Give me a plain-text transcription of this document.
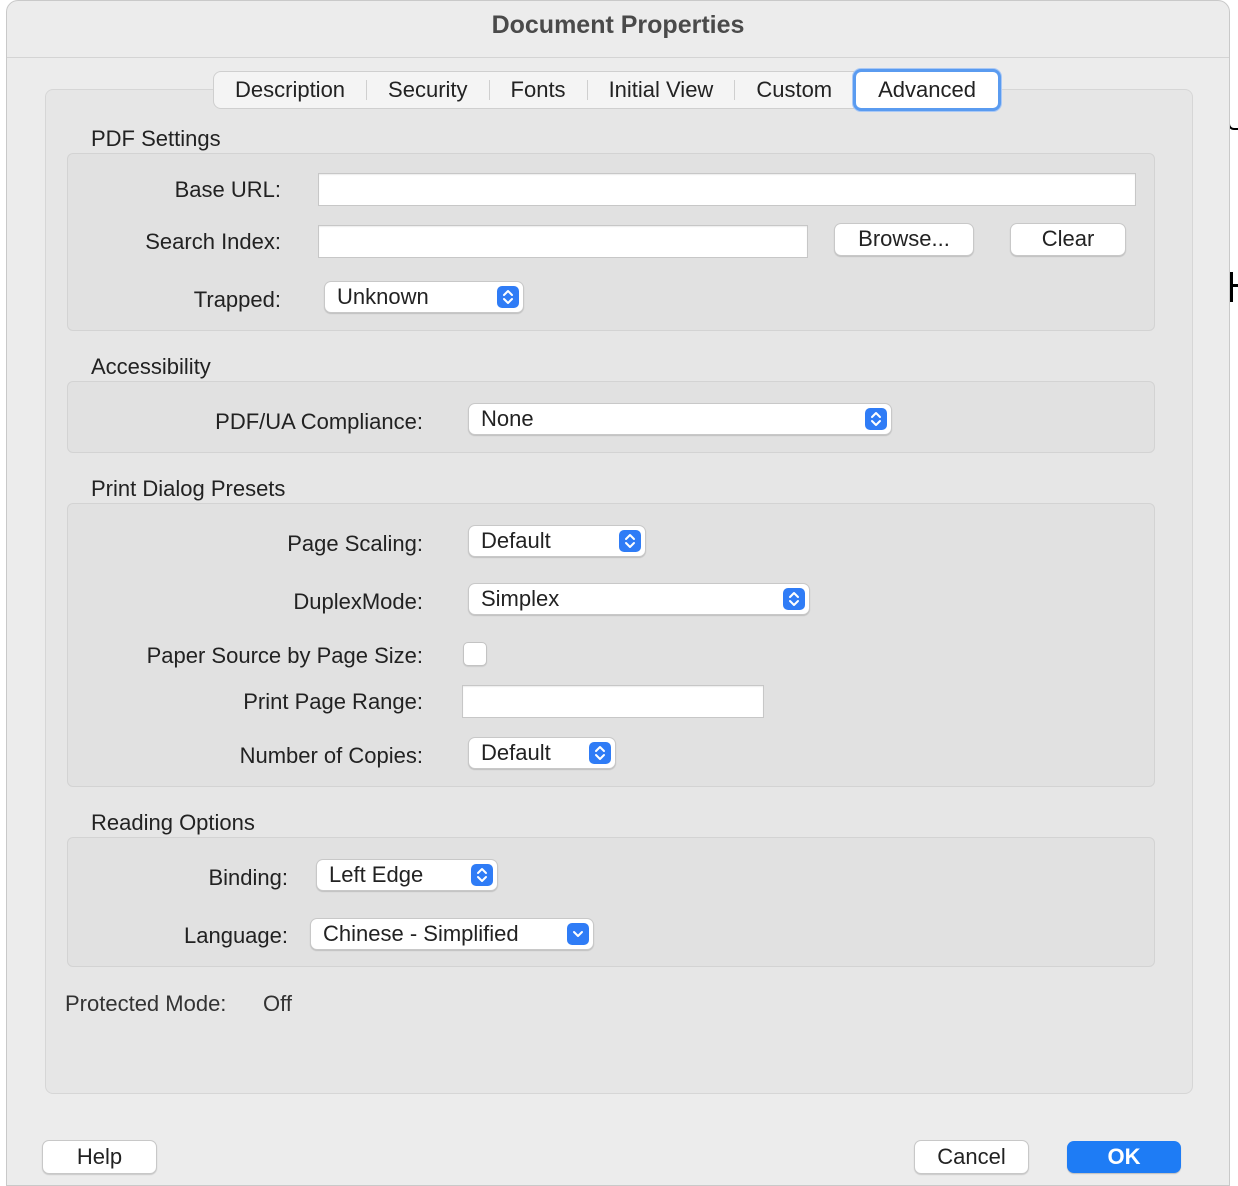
Document Properties
Description	Security	Fonts	Initial View	Custom	Advanced
PDF Settings
Base URL:
Search Index:	Browse...	Clear
Trapped:	Unknown
Accessibility
PDF/UA Compliance:	None
Print Dialog Presets
Page Scaling:	Default
DuplexMode:	Simplex
Paper Source by Page Size:
Print Page Range:
Number of Copies:	Default
Reading Options
Binding: Left Edge
Language: Chinese - Simplified
Protected Mode: Off
Help	Cancel	OK
